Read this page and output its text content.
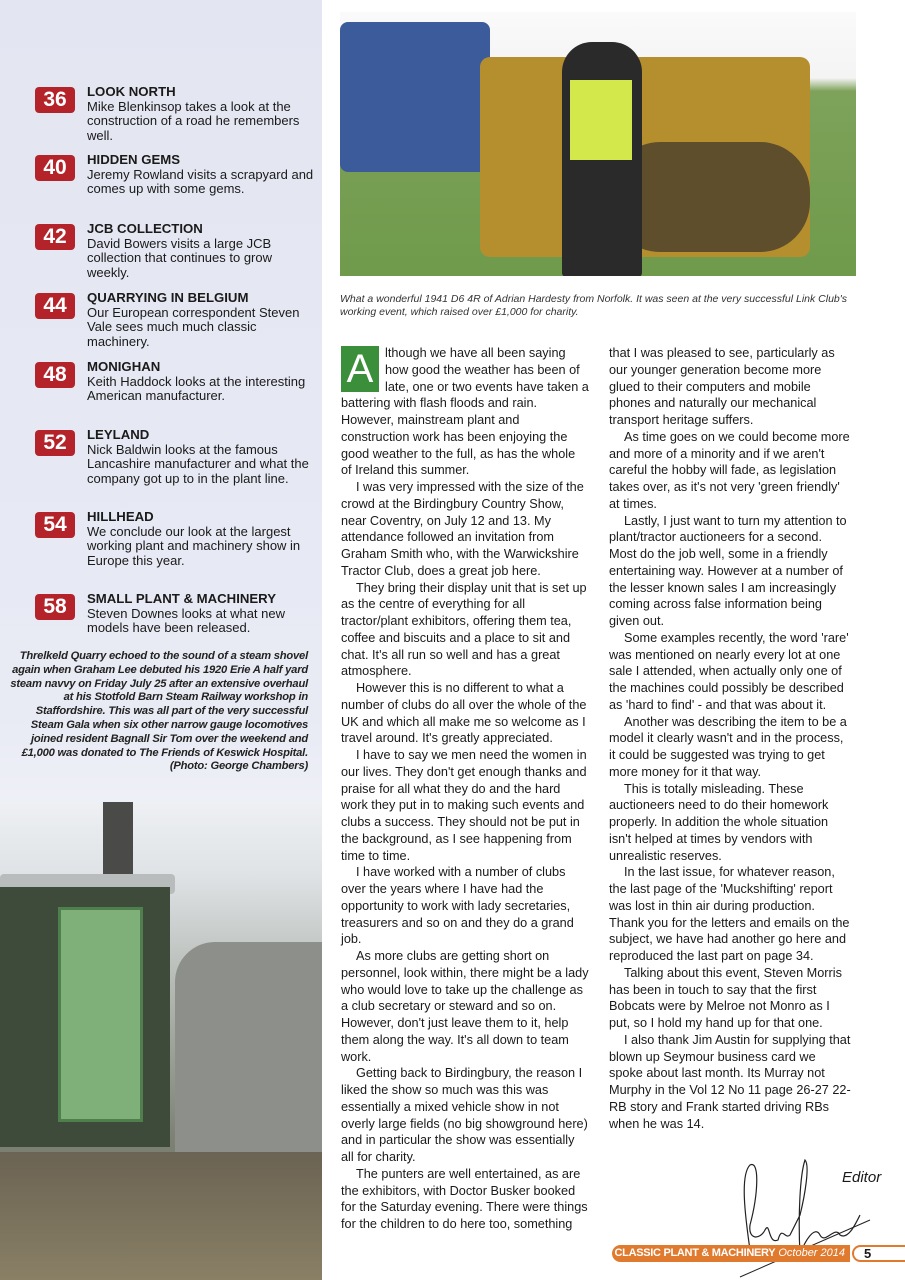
36	LOOK NORTH
Mike Blenkinsop takes a look at the construction of a road he remembers well.
40	HIDDEN GEMS
Jeremy Rowland visits a scrapyard and comes up with some gems.
42	JCB COLLECTION
David Bowers visits a large JCB collection that continues to grow weekly.
44	QUARRYING IN BELGIUM
Our European correspondent Steven Vale sees much much classic machinery.
48	MONIGHAN
Keith Haddock looks at the interesting American manufacturer.
52	LEYLAND
Nick Baldwin looks at the famous Lancashire manufacturer and what the company got up to in the plant line.
54	HILLHEAD
We conclude our look at the largest working plant and machinery show in Europe this year.
58	SMALL PLANT & MACHINERY
Steven Downes looks at what new models have been released.
Threlkeld Quarry echoed to the sound of a steam shovel again when Graham Lee debuted his 1920 Erie A half yard steam navvy on Friday July 25 after an extensive overhaul at his Stotfold Barn Steam Railway workshop in Staffordshire. This was all part of the very successful Steam Gala when six other narrow gauge locomotives joined resident Bagnall Sir Tom over the weekend and £1,000 was donated to The Friends of Keswick Hospital. (Photo: George Chambers)
What a wonderful 1941 D6 4R of Adrian Hardesty from Norfolk. It was seen at the very successful Link Club's working event, which raised over £1,000 for charity.

A lthough we have all been saying how good the weather has been of late, one or two events have taken a battering with flash floods and rain. However, mainstream plant and construction work has been enjoying the good weather to the full, as has the whole of Ireland this summer.

I was very impressed with the size of the crowd at the Birdingbury Country Show, near Coventry, on July 12 and 13. My attendance followed an invitation from Graham Smith who, with the Warwickshire Tractor Club, does a great job here.

They bring their display unit that is set up as the centre of everything for all tractor/plant exhibitors, offering them tea, coffee and biscuits and a place to sit and chat. It's all run so well and has a great atmosphere.

However this is no different to what a number of clubs do all over the whole of the UK and which all make me so welcome as I travel around. It's greatly appreciated.

I have to say we men need the women in our lives. They don't get enough thanks and praise for all what they do and the hard work they put in to making such events and clubs a success. They should not be put in the background, as I see happening from time to time.

I have worked with a number of clubs over the years where I have had the opportunity to work with lady secretaries, treasurers and so on and they do a grand job.

As more clubs are getting short on personnel, look within, there might be a lady who would love to take up the challenge as a club secretary or steward and so on. However, don't just leave them to it, help them along the way. It's all down to team work.

Getting back to Birdingbury, the reason I liked the show so much was this was essentially a mixed vehicle show in not overly large fields (no big showground here) and in particular the show was essentially all for charity.

The punters are well entertained, as are the exhibitors, with Doctor Busker booked for the Saturday evening. There were things for the children to do here too, something

that I was pleased to see, particularly as our younger generation become more glued to their computers and mobile phones and naturally our mechanical transport heritage suffers.

As time goes on we could become more and more of a minority and if we aren't careful the hobby will fade, as legislation takes over, as it's not very 'green friendly' at times.

Lastly, I just want to turn my attention to plant/tractor auctioneers for a second. Most do the job well, some in a friendly entertaining way. However at a number of the lesser known sales I am increasingly coming across false information being given out.

Some examples recently, the word 'rare' was mentioned on nearly every lot at one sale I attended, when actually only one of the machines could possibly be described as 'hard to find' - and that was about it.

Another was describing the item to be a model it clearly wasn't and in the process, it could be suggested was trying to get more money for it that way.

This is totally misleading. These auctioneers need to do their homework properly. In addition the whole situation isn't helped at times by vendors with unrealistic reserves.

In the last issue, for whatever reason, the last page of the 'Muckshifting' report was lost in thin air during production. Thank you for the letters and emails on the subject, we have had another go here and reproduced the last part on page 34.

Talking about this event, Steven Morris has been in touch to say that the first Bobcats were by Melroe not Monro as I put, so I hold my hand up for that one.

I also thank Jim Austin for supplying that blown up Seymour business card we spoke about last month. Its Murray not Murphy in the Vol 12 No 11 page 26-27 22-RB story and Frank started driving RBs when he was 14.

Editor
CLASSIC PLANT & MACHINERY October 2014	5
